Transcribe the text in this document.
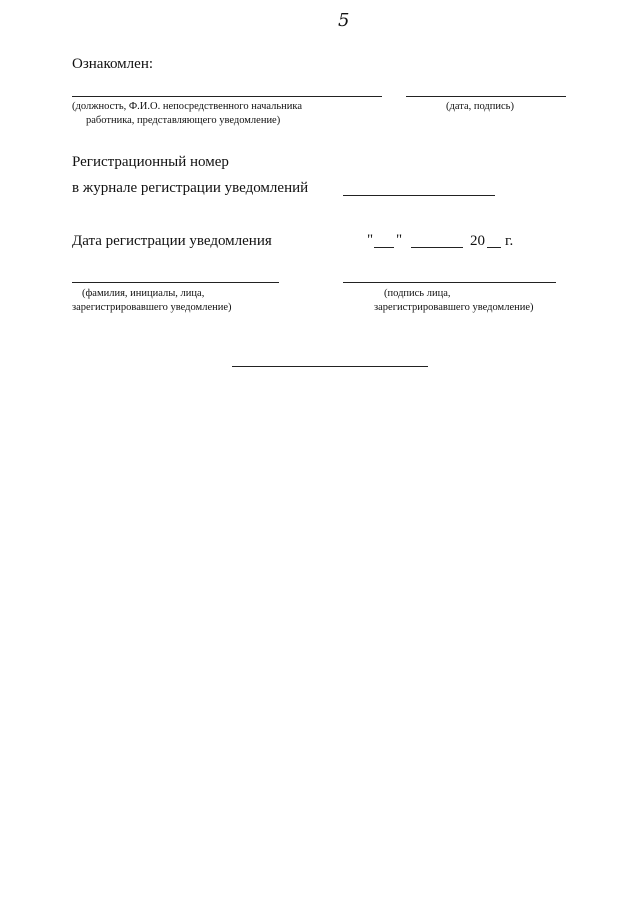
5
Ознакомлен:
(должность, Ф.И.О. непосредственного начальника
работника, представляющего уведомление)
(дата, подпись)
Регистрационный номер
в журнале регистрации уведомлений
Дата регистрации уведомления	" "	20 г.
(фамилия, инициалы, лица,
зарегистрировавшего уведомление)
(подпись лица,
зарегистрировавшего уведомление)
